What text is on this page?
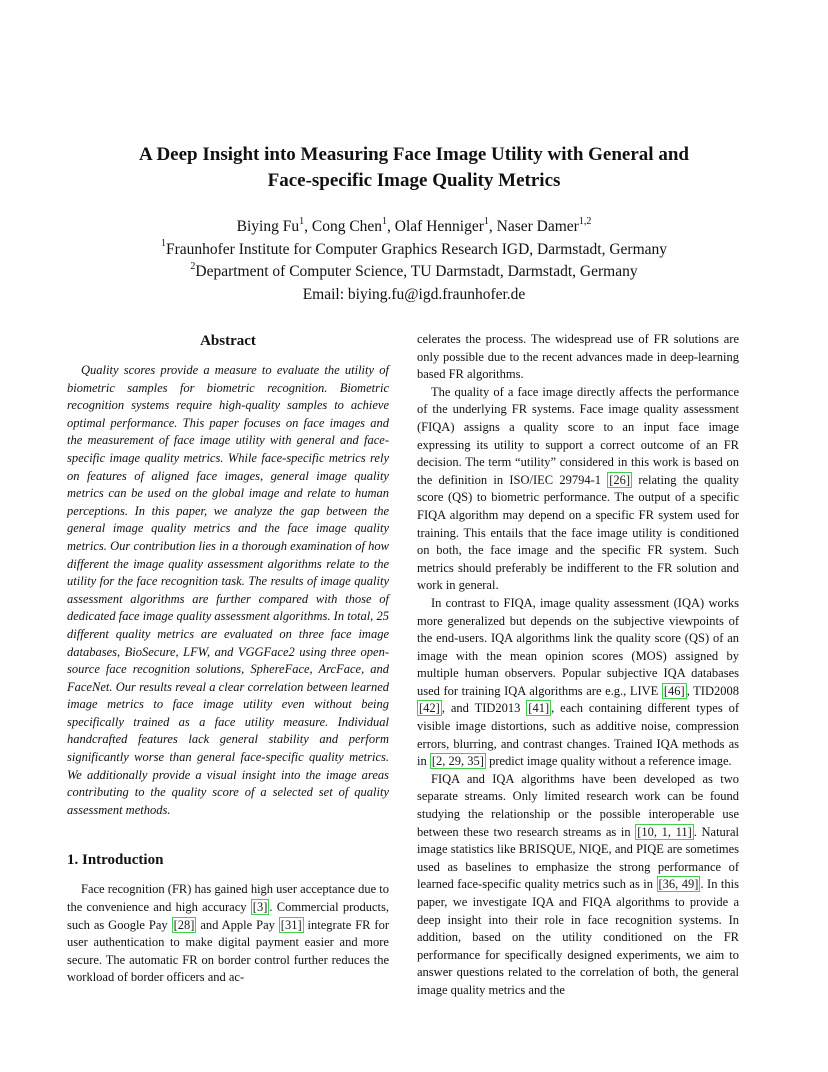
A Deep Insight into Measuring Face Image Utility with General and
Face-specific Image Quality Metrics
Biying Fu$^1$, Cong Chen$^1$, Olaf Henniger$^1$, Naser Damer$^{1,2}$
$^1$Fraunhofer Institute for Computer Graphics Research IGD, Darmstadt, Germany
$^2$Department of Computer Science, TU Darmstadt, Darmstadt, Germany
Email: biying.fu@igd.fraunhofer.de
Abstract

Quality scores provide a measure to evaluate the utility of biometric samples for biometric recognition. Biometric recognition systems require high-quality samples to achieve optimal performance. This paper focuses on face images and the measurement of face image utility with general and face-specific image quality metrics. While face-specific metrics rely on features of aligned face images, general image quality metrics can be used on the global image and relate to human perceptions. In this paper, we analyze the gap between the general image quality metrics and the face image quality metrics. Our contribution lies in a thorough examination of how different the image quality assessment algorithms relate to the utility for the face recognition task. The results of image quality assessment algorithms are further compared with those of dedicated face image quality assessment algorithms. In total, 25 different quality metrics are evaluated on three face image databases, BioSecure, LFW, and VGGFace2 using three open-source face recognition solutions, SphereFace, ArcFace, and FaceNet. Our results reveal a clear correlation between learned image metrics to face image utility even without being specifically trained as a face utility measure. Individual handcrafted features lack general stability and perform significantly worse than general face-specific quality metrics. We additionally provide a visual insight into the image areas contributing to the quality score of a selected set of quality assessment methods.

1. Introduction

Face recognition (FR) has gained high user acceptance due to the convenience and high accuracy [3] . Commercial products, such as Google Pay [28] and Apple Pay [31] integrate FR for user authentication to make digital payment easier and more secure. The automatic FR on border control further reduces the workload of border officers and ac-

celerates the process. The widespread use of FR solutions are only possible due to the recent advances made in deep-learning based FR algorithms.

The quality of a face image directly affects the performance of the underlying FR systems. Face image quality assessment (FIQA) assigns a quality score to an input face image expressing its utility to support a correct outcome of an FR decision. The term “utility” considered in this work is based on the definition in ISO/IEC 29794-1 [26] relating the quality score (QS) to biometric performance. The output of a specific FIQA algorithm may depend on a specific FR system used for training. This entails that the face image utility is conditioned on both, the face image and the specific FR system. Such metrics should preferably be indifferent to the FR solution and work in general.

In contrast to FIQA, image quality assessment (IQA) works more generalized but depends on the subjective viewpoints of the end-users. IQA algorithms link the quality score (QS) of an image with the mean opinion scores (MOS) assigned by multiple human observers. Popular subjective IQA databases used for training IQA algorithms are e.g., LIVE [46] , TID2008 [42] , and TID2013 [41] , each containing different types of visible image distortions, such as additive noise, compression errors, blurring, and contrast changes. Trained IQA methods as in [2, 29, 35] predict image quality without a reference image.

FIQA and IQA algorithms have been developed as two separate streams. Only limited research work can be found studying the relationship or the possible interoperable use between these two research streams as in [10, 1, 11] . Natural image statistics like BRISQUE, NIQE, and PIQE are sometimes used as baselines to emphasize the strong performance of learned face-specific quality metrics such as in [36, 49] . In this paper, we investigate IQA and FIQA algorithms to provide a deep insight into their role in face recognition systems. In addition, based on the utility conditioned on the FR performance for specifically designed experiments, we aim to answer questions related to the correlation of both, the general image quality metrics and the
